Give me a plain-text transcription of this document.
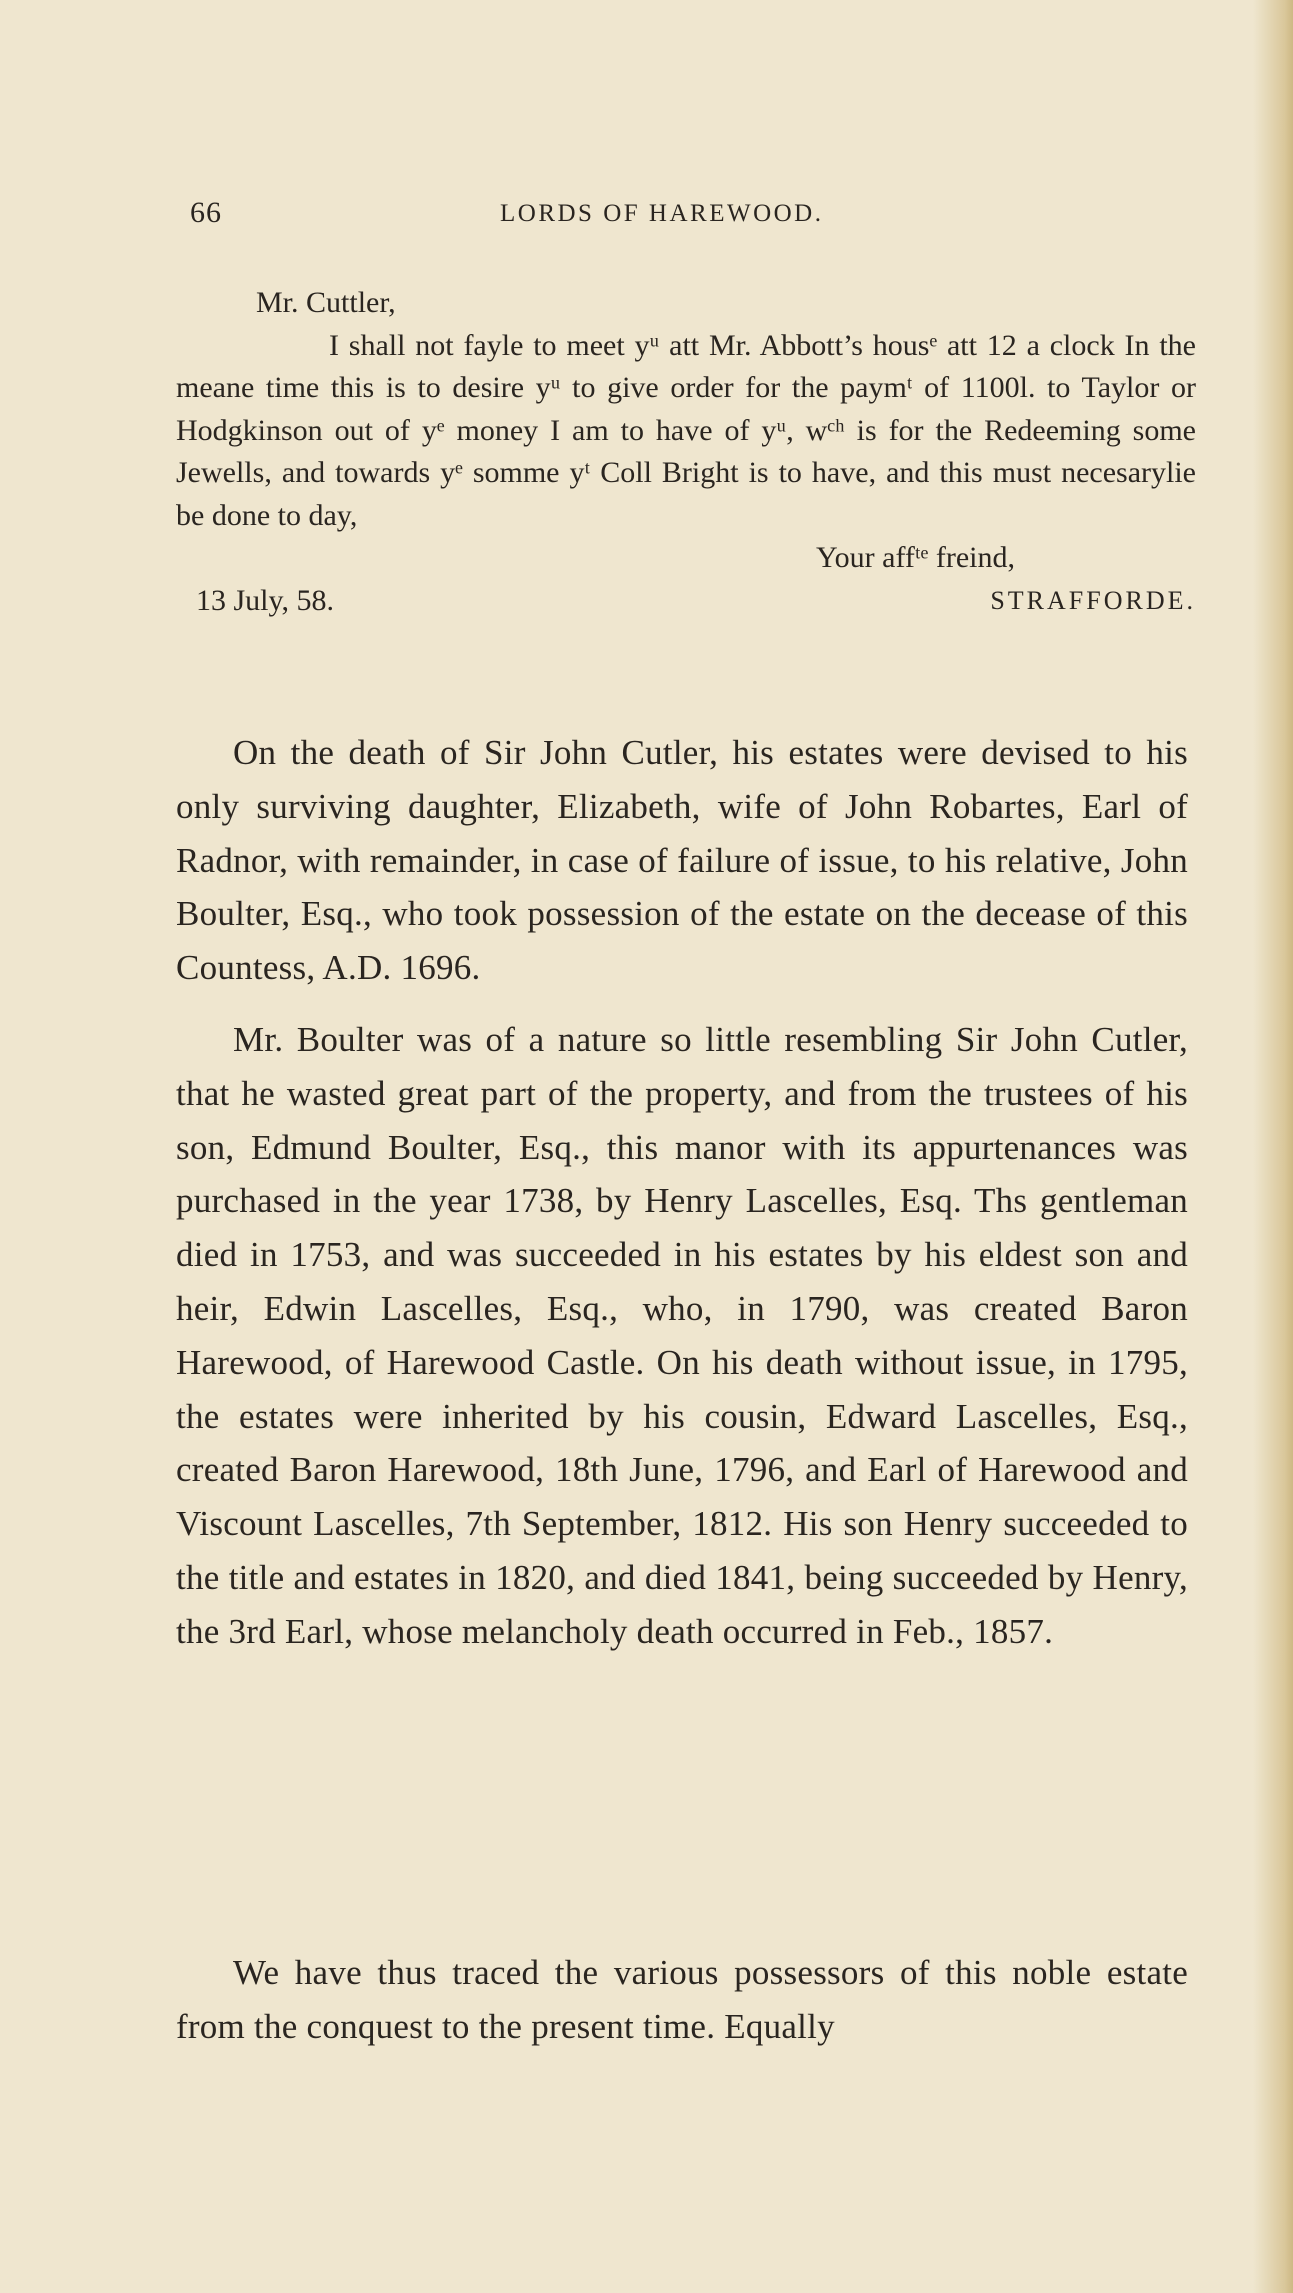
66	LORDS OF HAREWOOD.

Mr. Cuttler,

I shall not fayle to meet yᵘ att Mr. Abbott’s housᵉ att 12 a clock In the meane time this is to desire yᵘ to give order for the paymᵗ of 1100l. to Taylor or Hodgkinson out of yᵉ money I am to have of yᵘ, wᶜʰ is for the Redeeming some Jewells, and towards yᵉ somme yᵗ Coll Bright is to have, and this must necesarylie be done to day,

Your affᵗᵉ freind,

13 July, 58.	STRAFFORDЕ.

On the death of Sir John Cutler, his estates were devised to his only surviving daughter, Elizabeth, wife of John Robartes, Earl of Radnor, with remainder, in case of failure of issue, to his relative, John Boulter, Esq., who took possession of the estate on the decease of this Countess, A.D. 1696.

Mr. Boulter was of a nature so little resembling Sir John Cutler, that he wasted great part of the property, and from the trustees of his son, Edmund Boulter, Esq., this manor with its appurtenances was purchased in the year 1738, by Henry Lascelles, Esq. Ths gentleman died in 1753, and was succeeded in his estates by his eldest son and heir, Edwin Lascelles, Esq., who, in 1790, was created Baron Harewood, of Harewood Castle. On his death without issue, in 1795, the estates were inherited by his cousin, Edward Lascelles, Esq., created Baron Harewood, 18th June, 1796, and Earl of Harewood and Viscount Lascelles, 7th September, 1812. His son Henry succeeded to the title and estates in 1820, and died 1841, being succeeded by Henry, the 3rd Earl, whose melancholy death occurred in Feb., 1857.

We have thus traced the various possessors of this noble estate from the conquest to the present time. Equally
